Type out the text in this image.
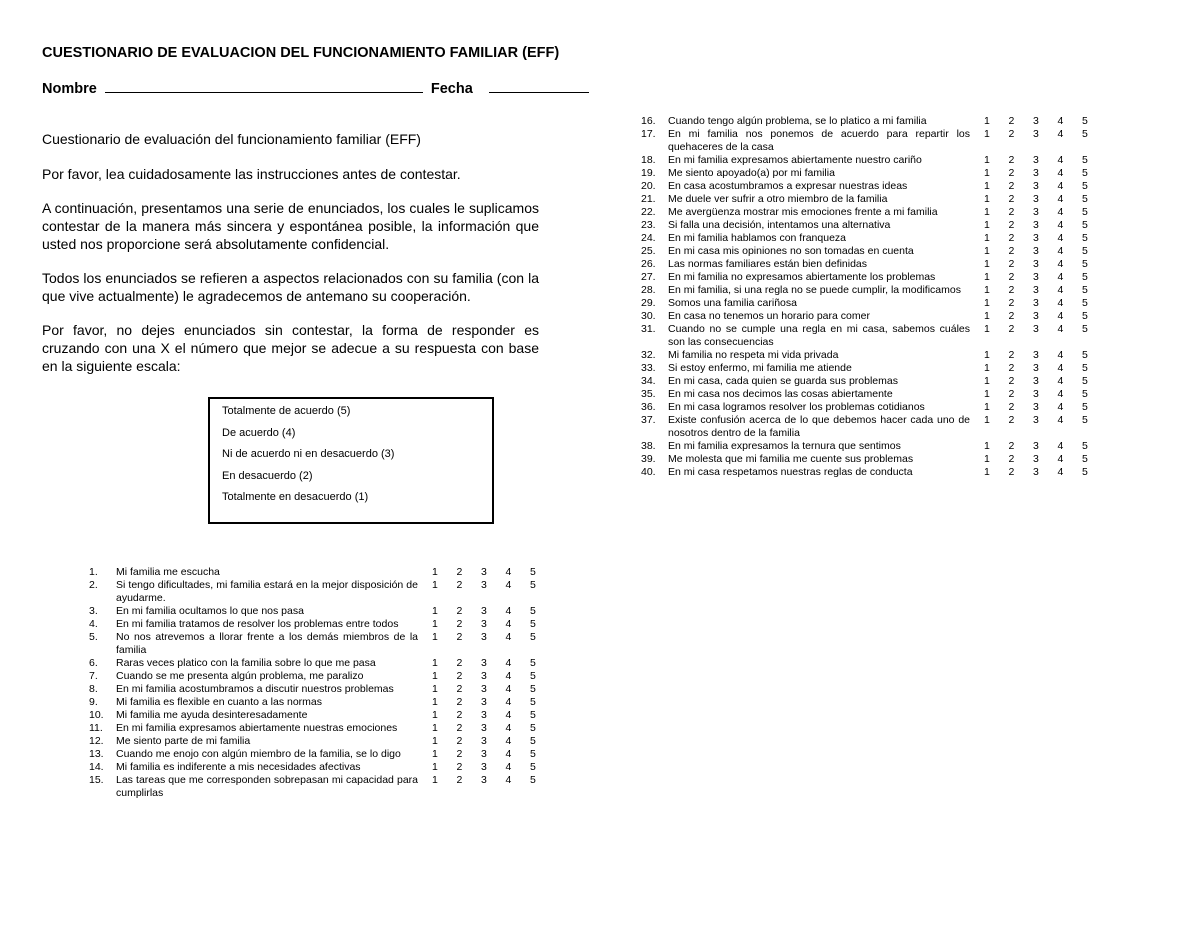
CUESTIONARIO DE EVALUACION DEL FUNCIONAMIENTO FAMILIAR (EFF)
Nombre	Fecha

Cuestionario de evaluación del funcionamiento familiar (EFF)

Por favor, lea cuidadosamente las instrucciones antes de contestar.

A continuación, presentamos una serie de enunciados, los cuales le suplicamos contestar de la manera más sincera y espontánea posible, la información que usted nos proporcione será absolutamente confidencial.

Todos los enunciados se refieren a aspectos relacionados con su familia (con la que vive actualmente) le agradecemos de antemano su cooperación.

Por favor, no dejes enunciados sin contestar, la forma de responder es cruzando con una X el número que mejor se adecue a su respuesta con base en la siguiente escala:

Totalmente de acuerdo (5)
De acuerdo (4)
Ni de acuerdo ni en desacuerdo (3)
En desacuerdo (2)
Totalmente en desacuerdo (1)
1.	Mi familia me escucha	1	2	3	4	5
2.	Si tengo dificultades, mi familia estará en la mejor disposición de ayudarme.
1	2	3	4	5
3.	En mi familia ocultamos lo que nos pasa	1	2	3	4	5
4.	En mi familia tratamos de resolver los problemas entre todos	1	2	3	4	5
5.	No nos atrevemos a llorar frente a los demás miembros de la familia
1	2	3	4	5
6.	Raras veces platico con la familia sobre lo que me pasa	1	2	3	4	5
7.	Cuando se me presenta algún problema, me paralizo	1	2	3	4	5
8.	En mi familia acostumbramos a discutir nuestros problemas	1	2	3	4	5
9.	Mi familia es flexible en cuanto a las normas	1	2	3	4	5
10.	Mi familia me ayuda desinteresadamente	1	2	3	4	5
11.	En mi familia expresamos abiertamente nuestras emociones	1	2	3	4	5
12.	Me siento parte de mi familia	1	2	3	4	5
13.	Cuando me enojo con algún miembro de la familia, se lo digo	1	2	3	4	5
14.	Mi familia es indiferente a mis necesidades afectivas	1	2	3	4	5
15.	Las tareas que me corresponden sobrepasan mi capacidad para cumplirlas
1	2	3	4	5
16.	Cuando tengo algún problema, se lo platico a mi familia	1	2	3	4	5
17.	En mi familia nos ponemos de acuerdo para repartir los quehaceres de la casa
1	2	3	4	5
18.	En mi familia expresamos abiertamente nuestro cariño	1	2	3	4	5
19.	Me siento apoyado(a) por mi familia	1	2	3	4	5
20.	En casa acostumbramos a expresar nuestras ideas	1	2	3	4	5
21.	Me duele ver sufrir a otro miembro de la familia	1	2	3	4	5
22.	Me avergüenza mostrar mis emociones frente a mi familia	1	2	3	4	5
23.	Si falla una decisión, intentamos una alternativa	1	2	3	4	5
24.	En mi familia hablamos con franqueza	1	2	3	4	5
25.	En mi casa mis opiniones no son tomadas en cuenta	1	2	3	4	5
26.	Las normas familiares están bien definidas	1	2	3	4	5
27.	En mi familia no expresamos abiertamente los problemas	1	2	3	4	5
28.	En mi familia, si una regla no se puede cumplir, la modificamos	1	2	3	4	5
29.	Somos una familia cariñosa	1	2	3	4	5
30.	En casa no tenemos un horario para comer	1	2	3	4	5
31.	Cuando no se cumple una regla en mi casa, sabemos cuáles son las consecuencias
1	2	3	4	5
32.	Mi familia no respeta mi vida privada	1	2	3	4	5
33.	Si estoy enfermo, mi familia me atiende	1	2	3	4	5
34.	En mi casa, cada quien se guarda sus problemas	1	2	3	4	5
35.	En mi casa nos decimos las cosas abiertamente	1	2	3	4	5
36.	En mi casa logramos resolver los problemas cotidianos	1	2	3	4	5
37.	Existe confusión acerca de lo que debemos hacer cada uno de nosotros dentro de la familia
1	2	3	4	5
38.	En mi familia expresamos la ternura que sentimos	1	2	3	4	5
39.	Me molesta que mi familia me cuente sus problemas	1	2	3	4	5
40.	En mi casa respetamos nuestras reglas de conducta	1	2	3	4	5
